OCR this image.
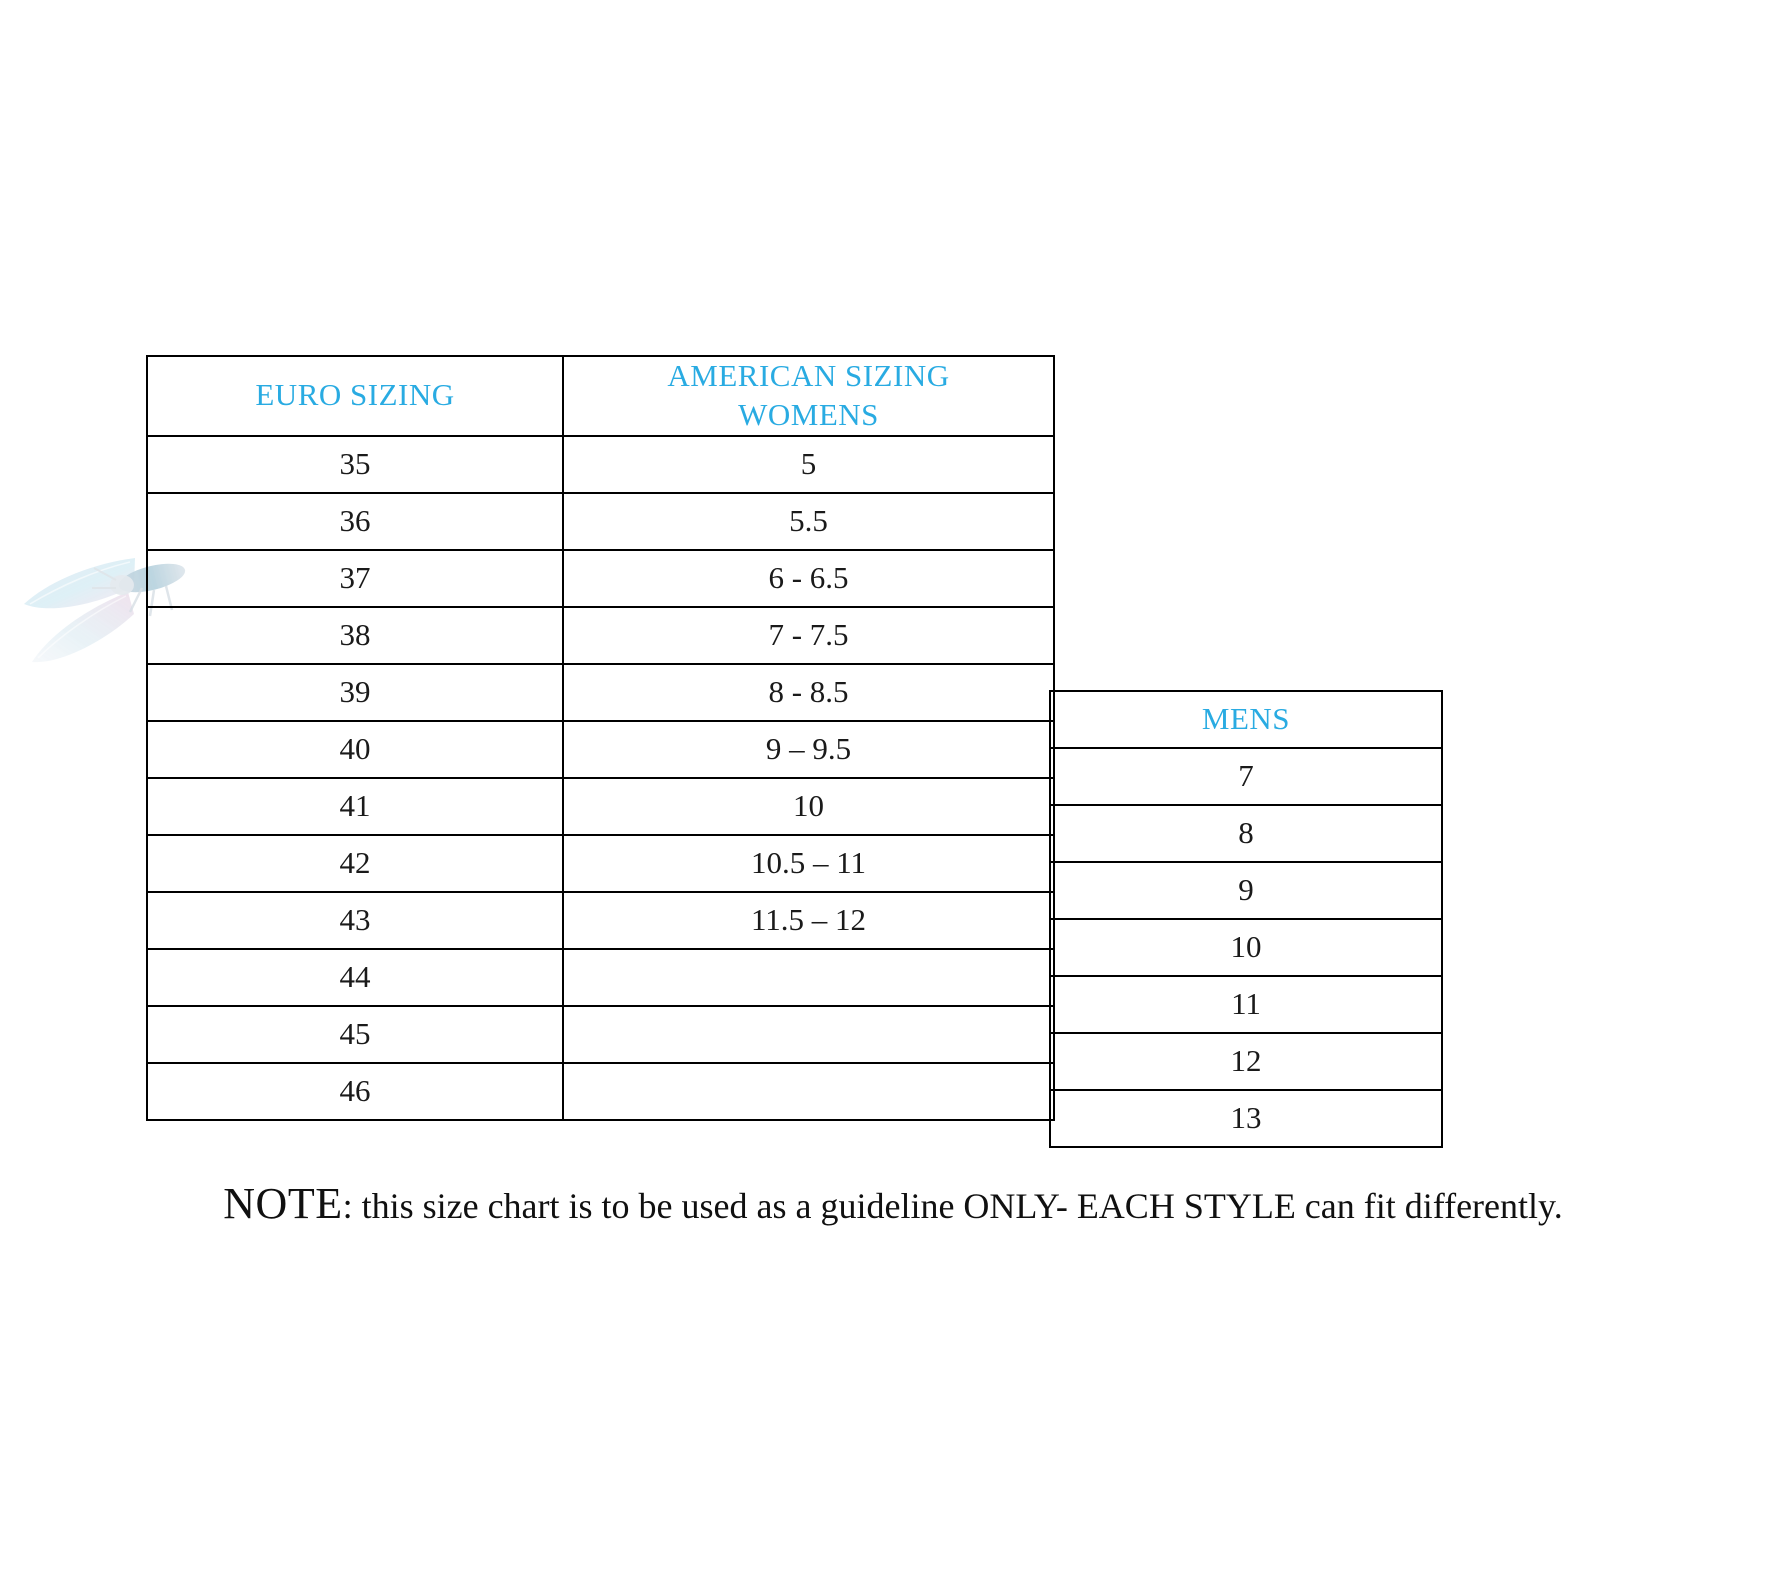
EURO SIZING	AMERICAN SIZING
WOMENS

35	5
36	5.5
37	6 - 6.5
38	7 - 7.5
39	8 - 8.5
40	9 – 9.5
41	10
42	10.5 – 11
43	11.5 – 12
44	
45	
46	
MENS
7
8
9
10
11
12
13
NOTE: this size chart is to be used as a guideline ONLY- EACH STYLE can fit differently.
